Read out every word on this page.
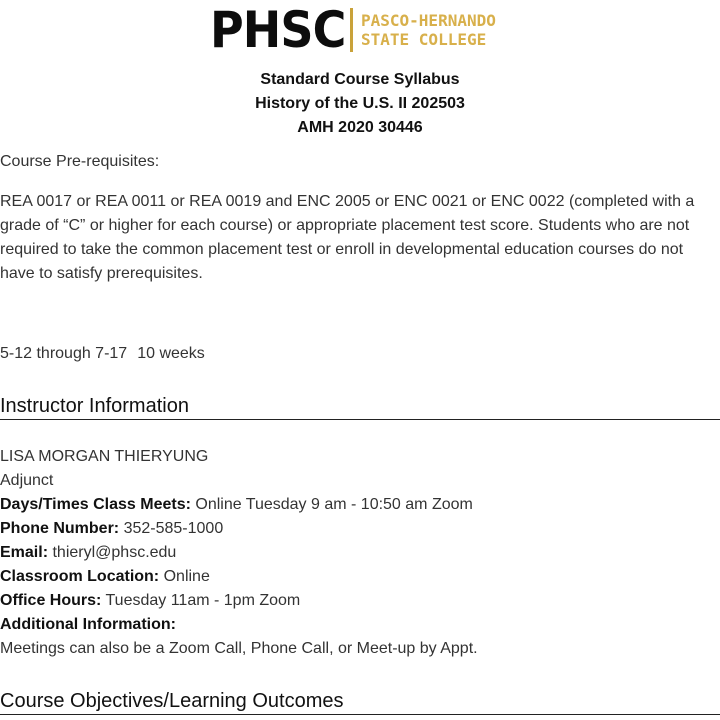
PHSC PASCO-HERNANDO
STATE COLLEGE
Standard Course Syllabus
History of the U.S. II 202503
AMH 2020 30446
Course Pre-requisites:
REA 0017 or REA 0011 or REA 0019 and ENC 2005 or ENC 0021 or ENC 0022 (completed with a grade of “C” or higher for each course) or appropriate placement test score. Students who are not required to take the common placement test or enroll in developmental education courses do not have to satisfy prerequisites.
5-12 through 7-17 10 weeks
Instructor Information
LISA MORGAN THIERYUNG
Adjunct
Days/Times Class Meets: Online Tuesday 9 am - 10:50 am Zoom
Phone Number: 352-585-1000
Email: thieryl@phsc.edu
Classroom Location: Online
Office Hours: Tuesday 11am - 1pm Zoom
Additional Information:
Meetings can also be a Zoom Call, Phone Call, or Meet-up by Appt.
Course Objectives/Learning Outcomes
